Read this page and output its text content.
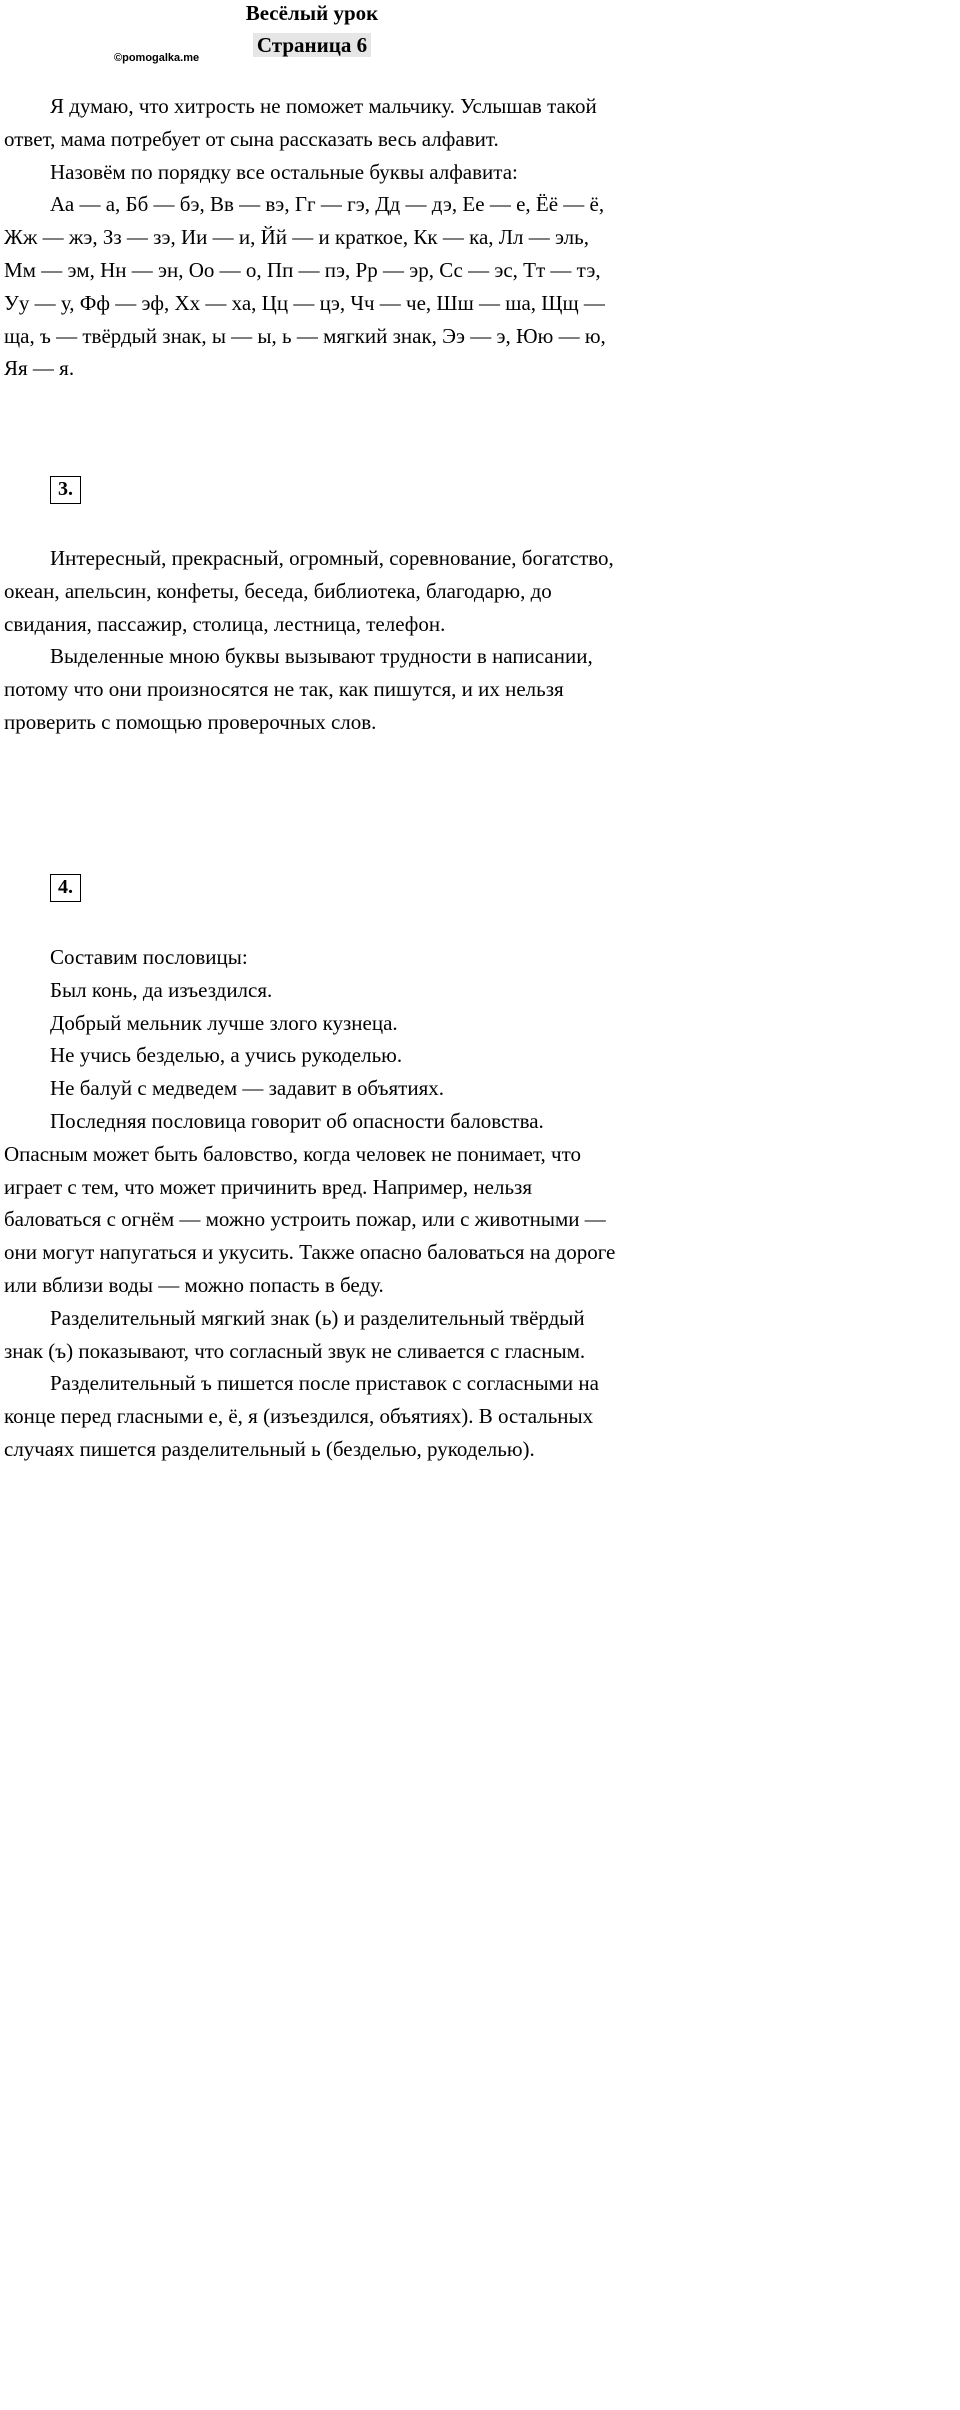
Весёлый урок
Страница 6
©pomogalka.me

Я думаю, что хитрость не поможет мальчику. Услышав такой ответ, мама потребует от сына рассказать весь алфавит.

Назовём по порядку все остальные буквы алфавита:

Аа — а, Бб — бэ, Вв — вэ, Гг — гэ, Дд — дэ, Ее — е, Ёё — ё, Жж — жэ, Зз — зэ, Ии — и, Йй — и краткое, Кк — ка, Лл — эль, Мм — эм, Нн — эн, Оо — о, Пп — пэ, Рр — эр, Сс — эс, Тт — тэ, Уу — у, Фф — эф, Хх — ха, Цц — цэ, Чч — че, Шш — ша, Щщ — ща, ъ — твёрдый знак, ы — ы, ь — мягкий знак, Ээ — э, Юю — ю, Яя — я.

3.

Интересный, прекрасный, огромный, соревнование, богатство, океан, апельсин, конфеты, беседа, библиотека, благодарю, до свидания, пассажир, столица, лестница, телефон.

Выделенные мною буквы вызывают трудности в написании, потому что они произносятся не так, как пишутся, и их нельзя проверить с помощью проверочных слов.

4.

Составим пословицы:

Был конь, да изъездился.

Добрый мельник лучше злого кузнеца.

Не учись безделью, а учись рукоделью.

Не балуй с медведем — задавит в объятиях.

Последняя пословица говорит об опасности баловства. Опасным может быть баловство, когда человек не понимает, что играет с тем, что может причинить вред. Например, нельзя баловаться с огнём — можно устроить пожар, или с животными — они могут напугаться и укусить. Также опасно баловаться на дороге или вблизи воды — можно попасть в беду.

Разделительный мягкий знак (ь) и разделительный твёрдый знак (ъ) показывают, что согласный звук не сливается с гласным.

Разделительный ъ пишется после приставок с согласными на конце перед гласными е, ё, я (изъездился, объятиях). В остальных случаях пишется разделительный ь (безделью, рукоделью).
